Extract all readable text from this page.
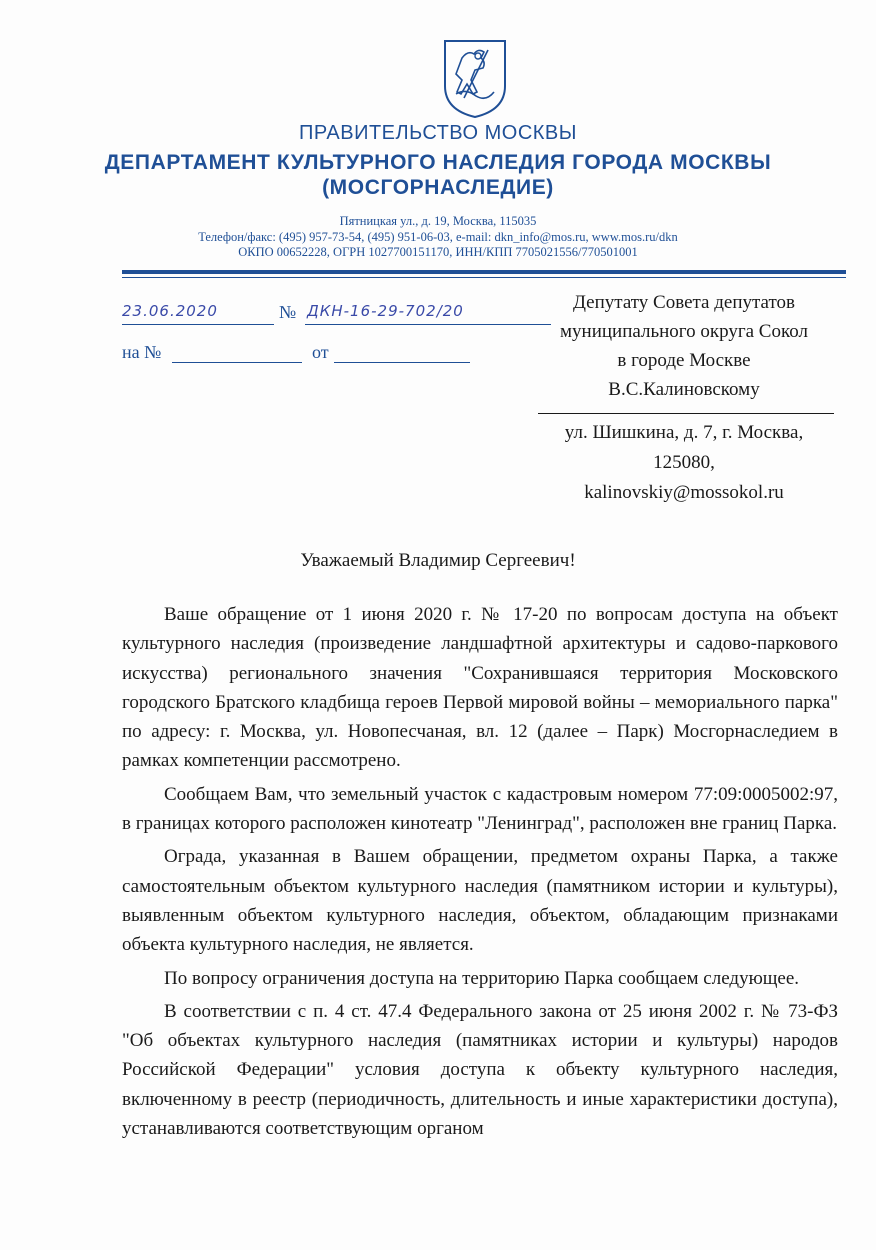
ПРАВИТЕЛЬСТВО МОСКВЫ
ДЕПАРТАМЕНТ КУЛЬТУРНОГО НАСЛЕДИЯ ГОРОДА МОСКВЫ
(МОСГОРНАСЛЕДИЕ)
Пятницкая ул., д. 19, Москва, 115035
Телефон/факс: (495) 957-73-54, (495) 951-06-03, e-mail: dkn_info@mos.ru, www.mos.ru/dkn
ОКПО 00652228, ОГРН 1027700151170, ИНН/КПП 7705021556/770501001
23.06.2020	№ ДКН-16-29-702/20
на №	от
Депутату Совета депутатов
муниципального округа Сокол
в городе Москве
В.С.Калиновскому
ул. Шишкина, д. 7, г. Москва,
125080,
kalinovskiy@mossokol.ru
Уважаемый Владимир Сергеевич!

Ваше обращение от 1 июня 2020 г. № 17-20 по вопросам доступа на объект культурного наследия (произведение ландшафтной архитектуры и садово-паркового искусства) регионального значения "Сохранившаяся территория Московского городского Братского кладбища героев Первой мировой войны – мемориального парка" по адресу: г. Москва, ул. Новопесчаная, вл. 12 (далее – Парк) Мосгорнаследием в рамках компетенции рассмотрено.

Сообщаем Вам, что земельный участок с кадастровым номером 77:09:0005002:97, в границах которого расположен кинотеатр "Ленинград", расположен вне границ Парка.

Ограда, указанная в Вашем обращении, предметом охраны Парка, а также самостоятельным объектом культурного наследия (памятником истории и культуры), выявленным объектом культурного наследия, объектом, обладающим признаками объекта культурного наследия, не является.

По вопросу ограничения доступа на территорию Парка сообщаем следующее.

В соответствии с п. 4 ст. 47.4 Федерального закона от 25 июня 2002 г. № 73-ФЗ "Об объектах культурного наследия (памятниках истории и культуры) народов Российской Федерации" условия доступа к объекту культурного наследия, включенному в реестр (периодичность, длительность и иные характеристики доступа), устанавливаются соответствующим органом
